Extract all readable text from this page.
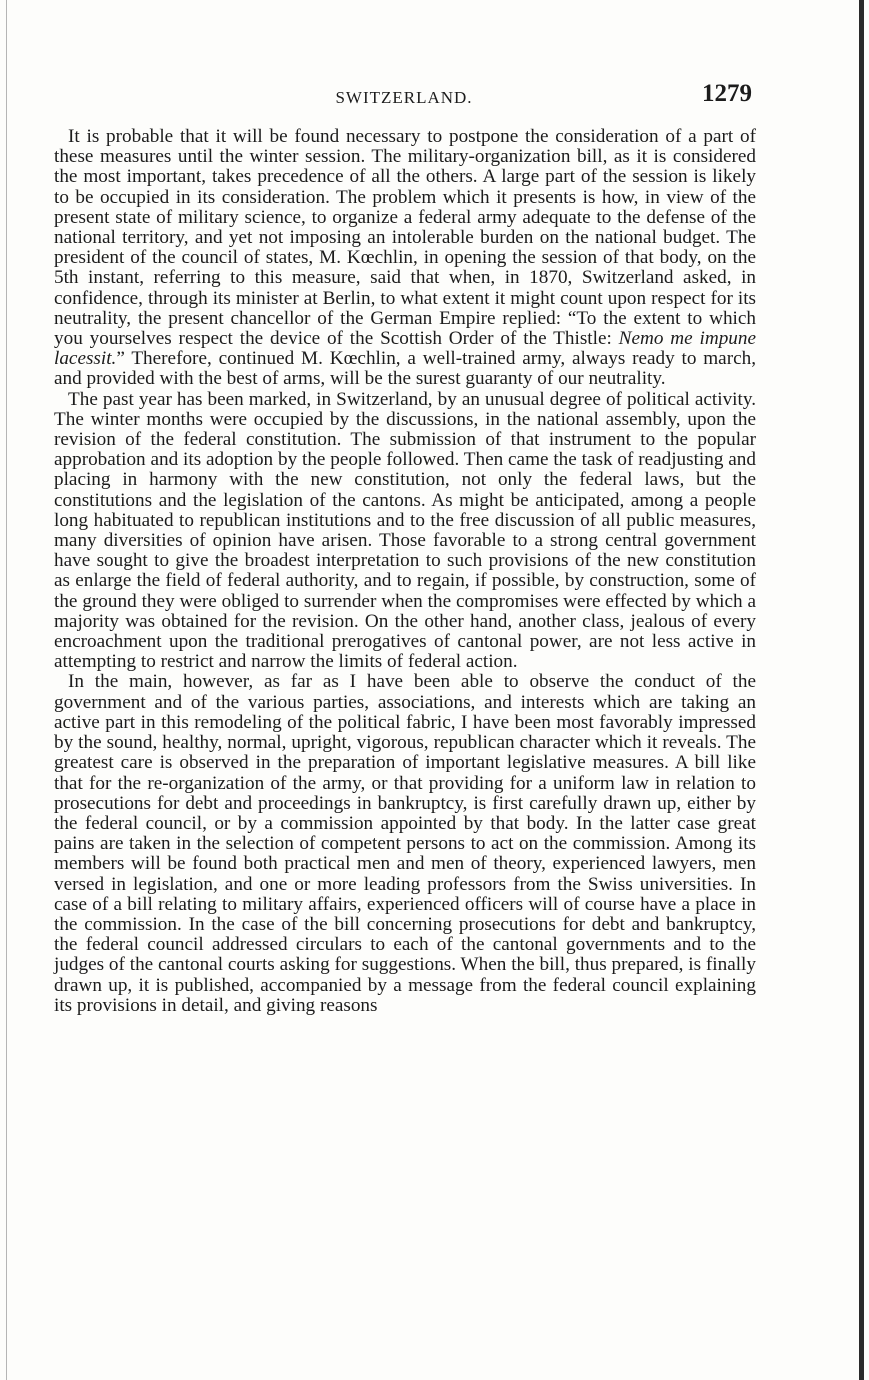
SWITZERLAND.	1279

It is probable that it will be found necessary to postpone the consideration of a part of these measures until the winter session. The military-organization bill, as it is considered the most important, takes precedence of all the others. A large part of the session is likely to be occupied in its consideration. The problem which it presents is how, in view of the present state of military science, to organize a federal army adequate to the defense of the national territory, and yet not imposing an intolerable burden on the national budget. The president of the council of states, M. Kœchlin, in opening the session of that body, on the 5th instant, referring to this measure, said that when, in 1870, Switzerland asked, in confidence, through its minister at Berlin, to what extent it might count upon respect for its neutrality, the present chancellor of the German Empire replied: “To the extent to which you yourselves respect the device of the Scottish Order of the Thistle: Nemo me impune lacessit.” Therefore, continued M. Kœchlin, a well-trained army, always ready to march, and provided with the best of arms, will be the surest guaranty of our neutrality.

The past year has been marked, in Switzerland, by an unusual degree of political activity. The winter months were occupied by the discussions, in the national assembly, upon the revision of the federal constitution. The submission of that instrument to the popular approbation and its adoption by the people followed. Then came the task of readjusting and placing in harmony with the new constitution, not only the federal laws, but the constitutions and the legislation of the cantons. As might be anticipated, among a people long habituated to republican institutions and to the free discussion of all public measures, many diversities of opinion have arisen. Those favorable to a strong central government have sought to give the broadest interpretation to such provisions of the new constitution as enlarge the field of federal authority, and to regain, if possible, by construction, some of the ground they were obliged to surrender when the compromises were effected by which a majority was obtained for the revision. On the other hand, another class, jealous of every encroachment upon the traditional prerogatives of cantonal power, are not less active in attempting to restrict and narrow the limits of federal action.

In the main, however, as far as I have been able to observe the conduct of the government and of the various parties, associations, and interests which are taking an active part in this remodeling of the political fabric, I have been most favorably impressed by the sound, healthy, normal, upright, vigorous, republican character which it reveals. The greatest care is observed in the preparation of important legislative measures. A bill like that for the re-organization of the army, or that providing for a uniform law in relation to prosecutions for debt and proceedings in bankruptcy, is first carefully drawn up, either by the federal council, or by a commission appointed by that body. In the latter case great pains are taken in the selection of competent persons to act on the commission. Among its members will be found both practical men and men of theory, experienced lawyers, men versed in legislation, and one or more leading professors from the Swiss universities. In case of a bill relating to military affairs, experienced officers will of course have a place in the commission. In the case of the bill concerning prosecutions for debt and bankruptcy, the federal council addressed circulars to each of the cantonal governments and to the judges of the cantonal courts asking for suggestions. When the bill, thus prepared, is finally drawn up, it is published, accompanied by a message from the federal council explaining its provisions in detail, and giving reasons
